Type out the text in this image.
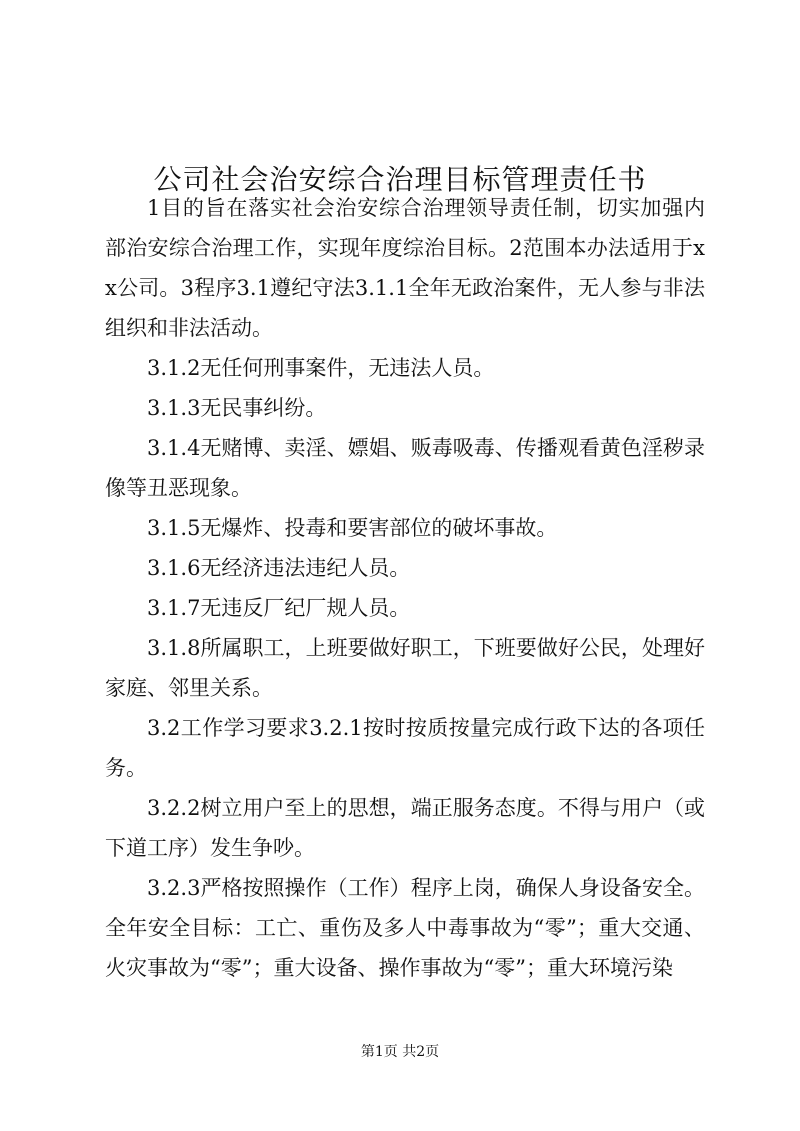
公司社会治安综合治理目标管理责任书

1目的旨在落实社会治安综合治理领导责任制，切实加强内部治安综合治理工作，实现年度综治目标。2范围本办法适用于xx公司。3程序3.1遵纪守法3.1.1全年无政治案件，无人参与非法组织和非法活动。

3.1.2无任何刑事案件，无违法人员。

3.1.3无民事纠纷。

3.1.4无赌博、卖淫、嫖娼、贩毒吸毒、传播观看黄色淫秽录像等丑恶现象。

3.1.5无爆炸、投毒和要害部位的破坏事故。

3.1.6无经济违法违纪人员。

3.1.7无违反厂纪厂规人员。

3.1.8所属职工，上班要做好职工，下班要做好公民，处理好家庭、邻里关系。

3.2工作学习要求3.2.1按时按质按量完成行政下达的各项任务。

3.2.2树立用户至上的思想，端正服务态度。不得与用户（或下道工序）发生争吵。

3.2.3严格按照操作（工作）程序上岗，确保人身设备安全。全年安全目标：工亡、重伤及多人中毒事故为“零”；重大交通、火灾事故为“零”；重大设备、操作事故为“零”；重大环境污染

第1页 共2页
